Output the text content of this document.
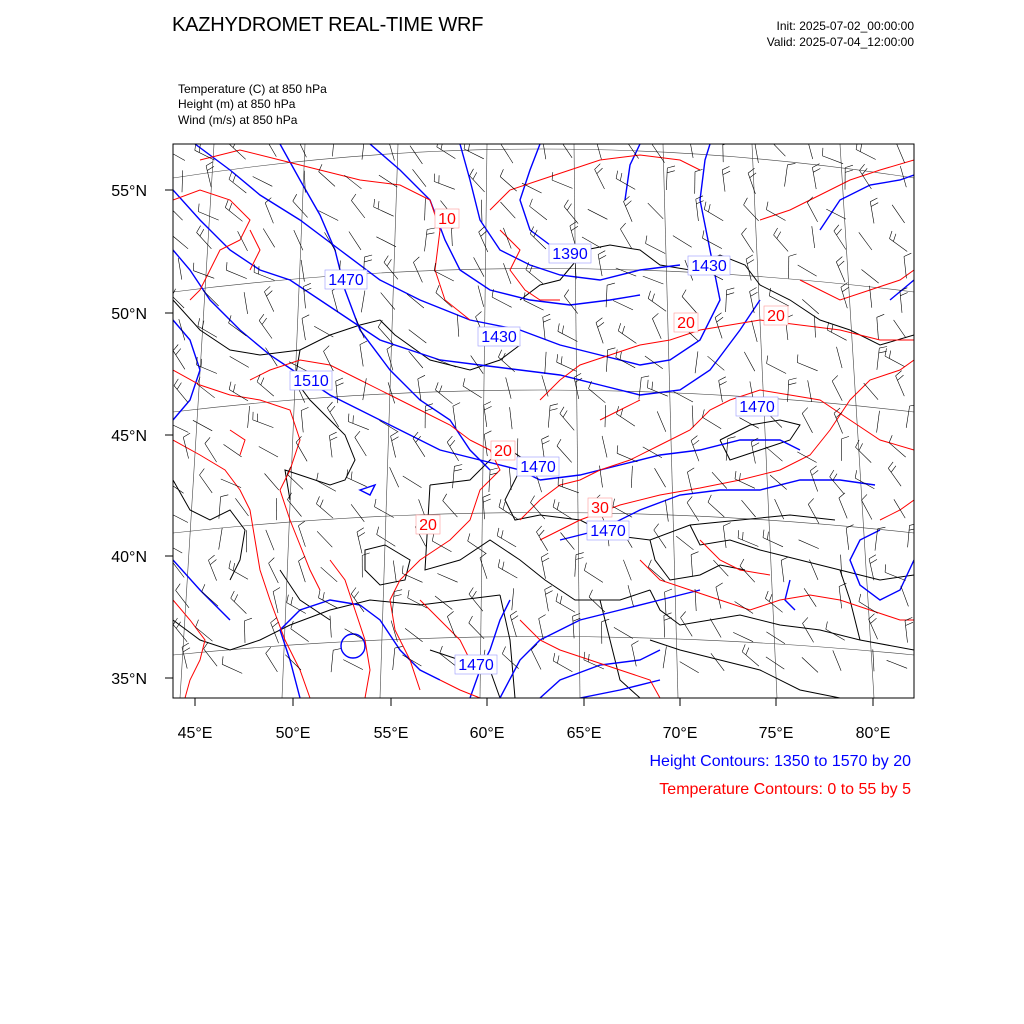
55°N
50°N
45°N
40°N
35°N
45°E	50°E	55°E	60°E	65°E	70°E	75°E	80°E
1470
1390
1430
1430
1510
1470
1470
1470
1470
10
20	20
20
20
30
KAZHYDROMET REAL-TIME WRF	Init: 2025-07-02_00:00:00
Valid: 2025-07-04_12:00:00
Temperature (C) at 850 hPa
Height (m) at 850 hPa
Wind (m/s) at 850 hPa
Height Contours: 1350 to 1570 by 20
Temperature Contours: 0 to 55 by 5
